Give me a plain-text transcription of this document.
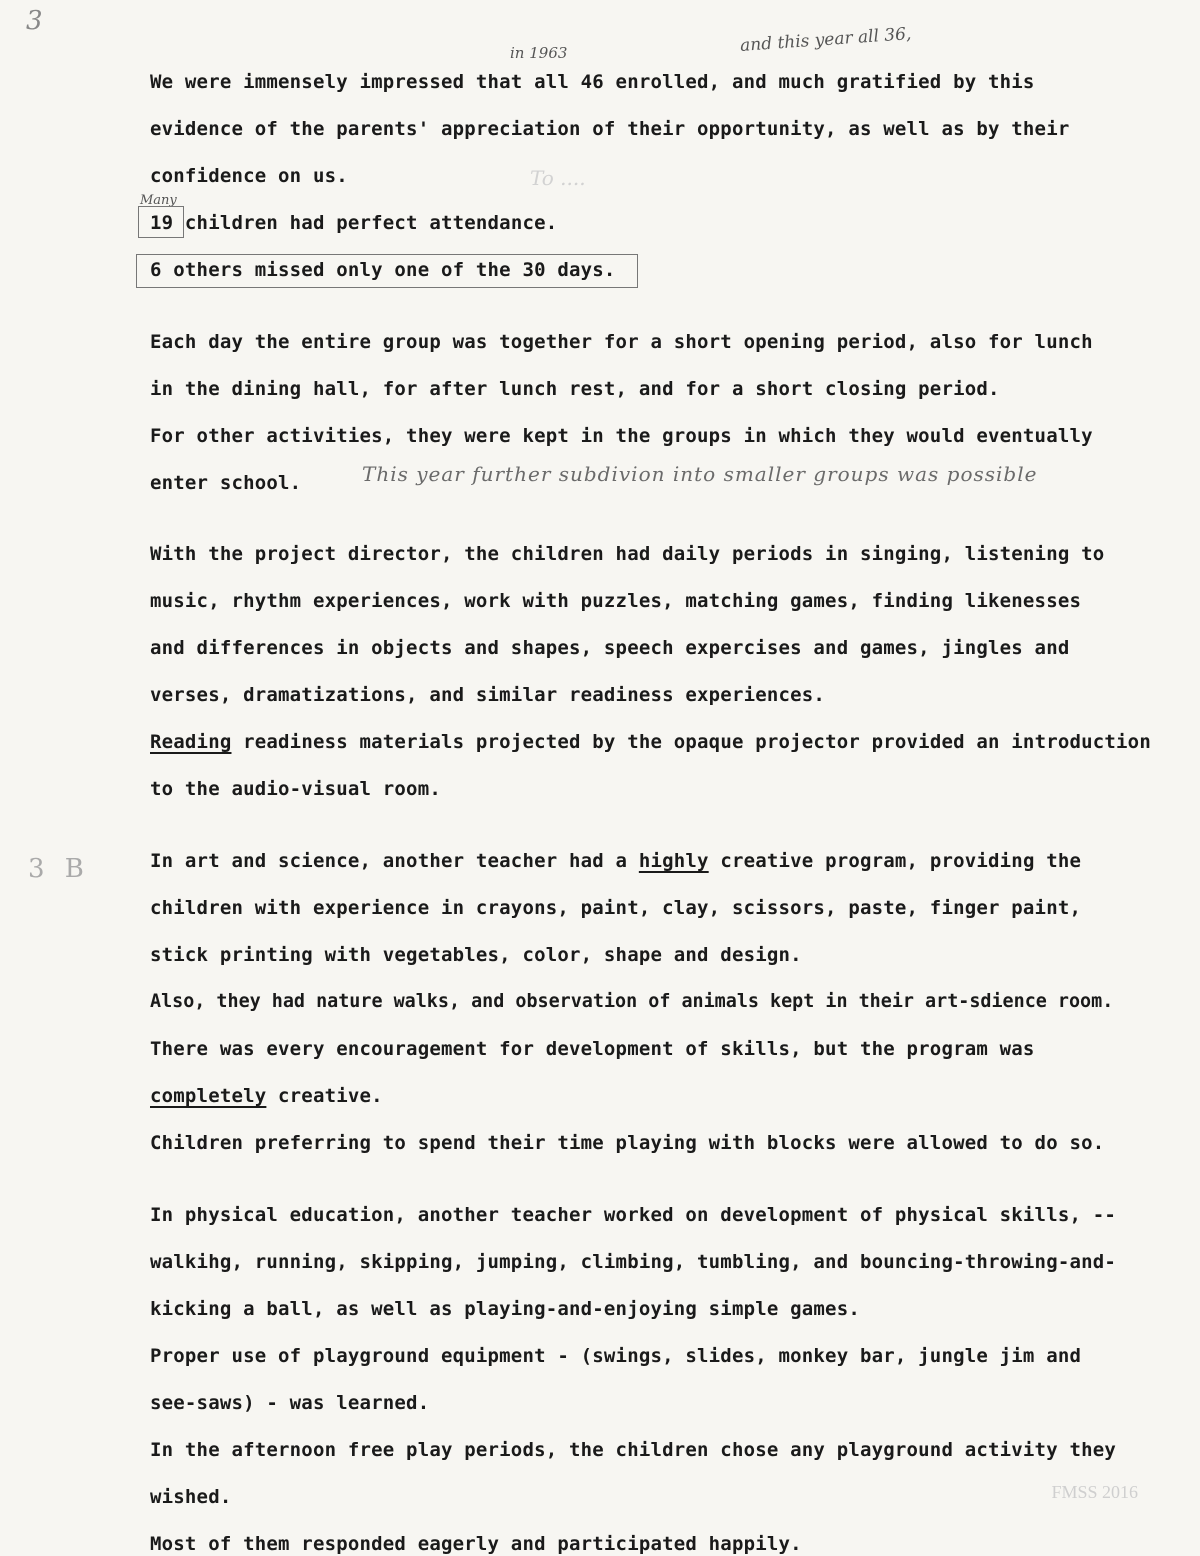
3
in 1963	and this year all 36,
We were immensely impressed that all 46 enrolled, and much gratified by this
evidence of the parents' appreciation of their opportunity, as well as by their
confidence on us.	To ....
Many
19 children had perfect attendance.
6 others missed only one of the 30 days.
Each day the entire group was together for a short opening period, also for lunch
in the dining hall, for after lunch rest, and for a short closing period.
For other activities, they were kept in the groups in which they would eventually
enter school.	This year further subdivion into smaller groups was possible
With the project director, the children had daily periods in singing, listening to
music, rhythm experiences, work with puzzles, matching games, finding likenesses
and differences in objects and shapes, speech expercises and games, jingles and
verses, dramatizations, and similar readiness experiences.
Reading readiness materials projected by the opaque projector provided an introduction
to the audio-visual room.
3 B	In art and science, another teacher had a highly creative program, providing the
children with experience in crayons, paint, clay, scissors, paste, finger paint,
stick printing with vegetables, color, shape and design.
Also, they had nature walks, and observation of animals kept in their art-sdience room.
There was every encouragement for development of skills, but the program was
completely creative.
Children preferring to spend their time playing with blocks were allowed to do so.
In physical education, another teacher worked on development of physical skills, --
walkihg, running, skipping, jumping, climbing, tumbling, and bouncing-throwing-and-
kicking a ball, as well as playing-and-enjoying simple games.
Proper use of playground equipment - (swings, slides, monkey bar, jungle jim and
see-saws) - was learned.
In the afternoon free play periods, the children chose any playground activity they
wished.
Most of them responded eagerly and participated happily.
FMSS 2016
